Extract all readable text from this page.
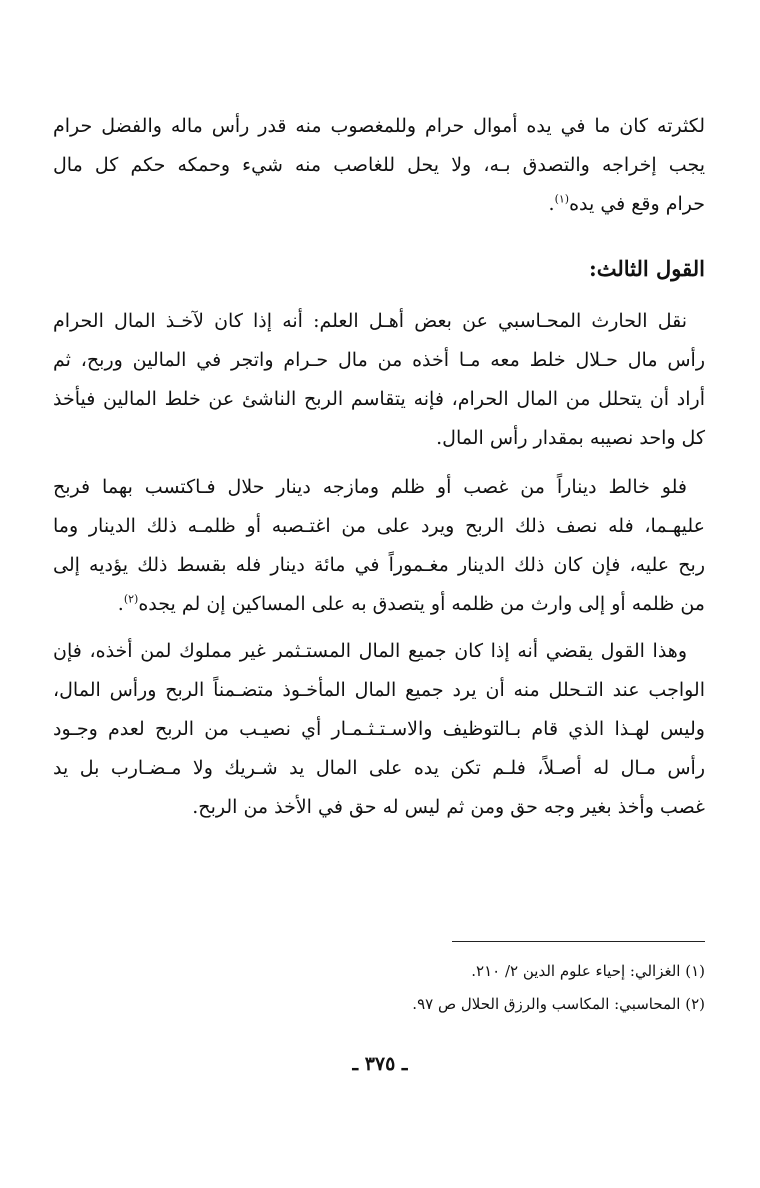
لكثرته كان ما في يده أموال حرام وللمغصوب منه قدر رأس ماله والفضل حرام
يجب إخراجه والتصدق بـه، ولا يحل للغاصب منه شيء وحمكه حكم كل مال
حرام وقع في يده$^{(١)}$.
القول الثالث:
نقل الحارث المحـاسبي عن بعض أهـل العلم: أنه إذا كان لآخـذ المال الحرام
رأس مال حـلال خلط معه مـا أخذه من مال حـرام واتجر في المالين وربح، ثم
أراد أن يتحلل من المال الحرام، فإنه يتقاسم الربح الناشئ عن خلط المالين فيأخذ
كل واحد نصيبه بمقدار رأس المال.
فلو خالط ديناراً من غصب أو ظلم ومازجه دينار حلال فـاكتسب بهما فربح
عليهـما، فله نصف ذلك الربح ويرد على من اغتـصبه أو ظلمـه ذلك الدينار وما
ربح عليه، فإن كان ذلك الدينار مغـموراً في مائة دينار فله بقسط ذلك يؤديه إلى
من ظلمه أو إلى وارث من ظلمه أو يتصدق به على المساكين إن لم يجده$^{(٢)}$.
وهذا القول يقضي أنه إذا كان جميع المال المستـثمر غير مملوك لمن أخذه، فإن
الواجب عند التـحلل منه أن يرد جميع المال المأخـوذ متضـمناً الربح ورأس المال،
وليس لهـذا الذي قام بـالتوظيف والاسـتـثـمـار أي نصيـب من الربح لعدم وجـود
رأس مـال له أصـلاً، فلـم تكن يده على المال يد شـريك ولا مـضـارب بل يد
غصب وأخذ بغير وجه حق ومن ثم ليس له حق في الأخذ من الربح.
(١) الغزالي: إحياء علوم الدين ٢/ ٢١٠.
(٢) المحاسبي: المكاسب والرزق الحلال ص ٩٧.
ـ ٣٧٥ ـ
